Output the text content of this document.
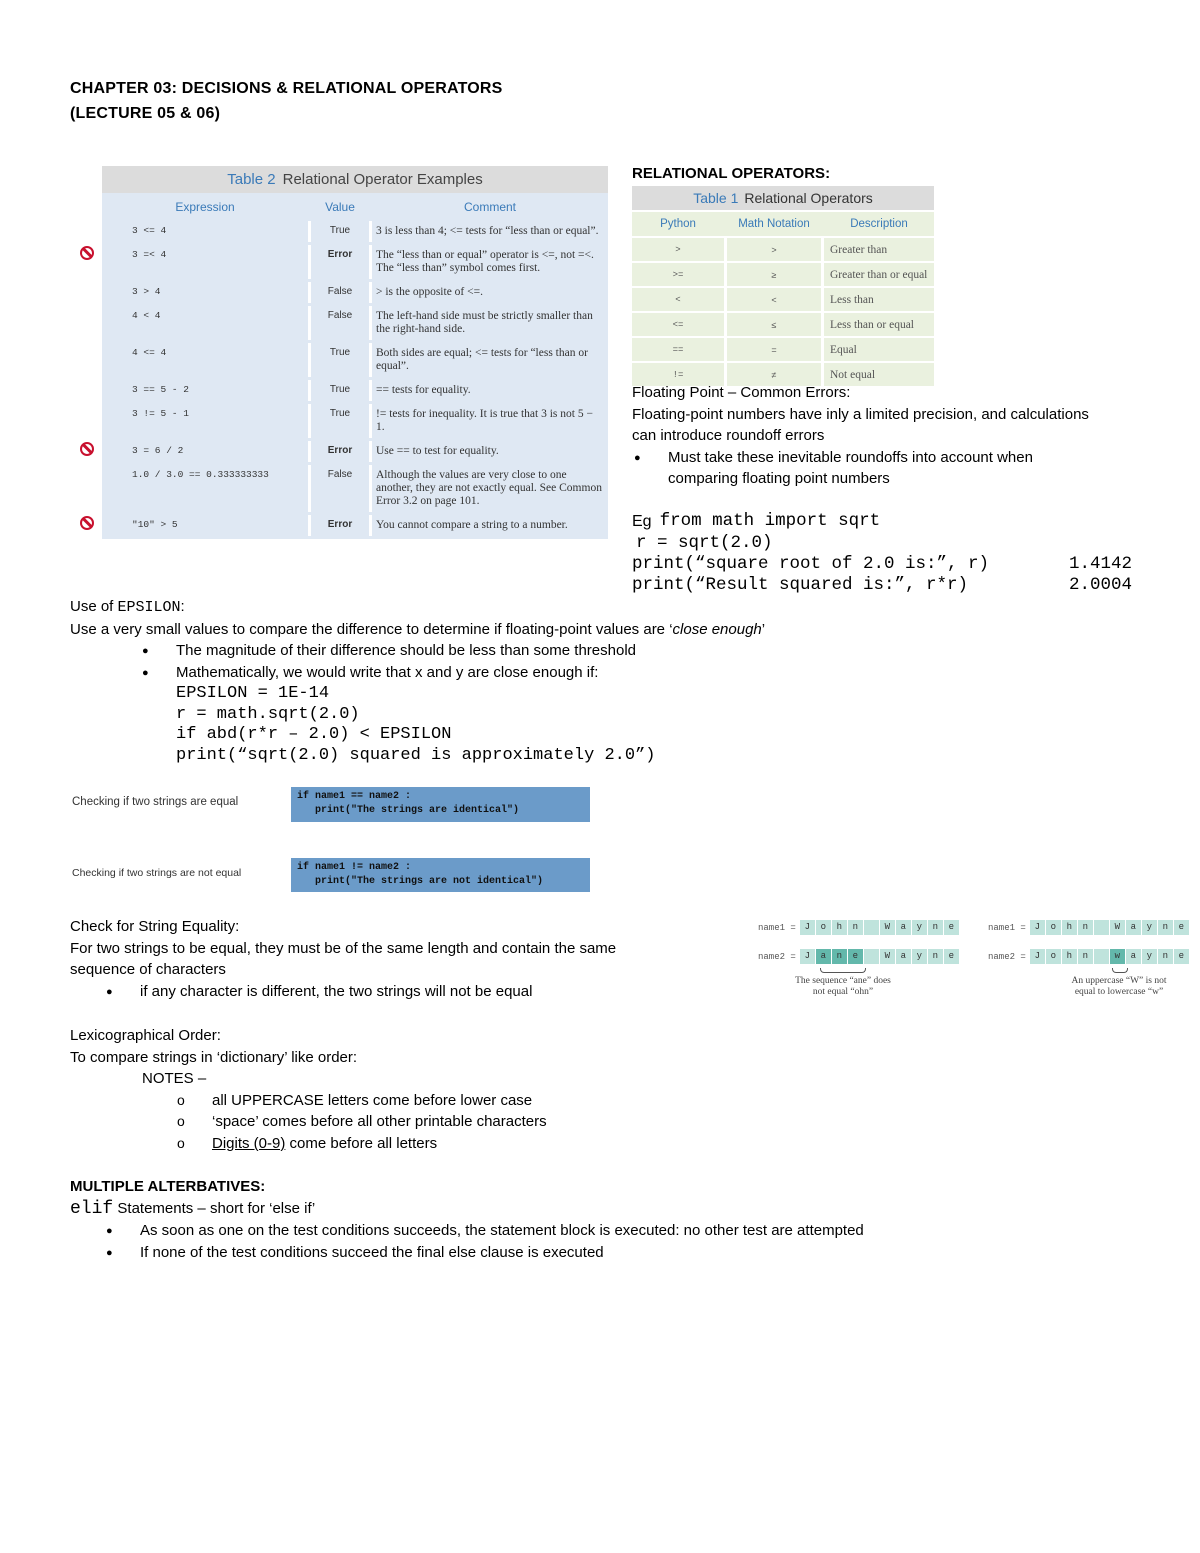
CHAPTER 03: DECISIONS & RELATIONAL OPERATORS
(LECTURE 05 & 06)
Table 2 Relational Operator Examples
Expression	Value	Comment
3 <= 4	True	3 is less than 4; <= tests for “less than or equal”.

3 =< 4	Error	The “less than or equal” operator is <=, not =<. The “less than” symbol comes first.
3 > 4	False	> is the opposite of <=.
4 < 4	False	The left-hand side must be strictly smaller than the right-hand side.
4 <= 4	True	Both sides are equal; <= tests for “less than or equal”.
3 == 5 - 2	True	== tests for equality.
3 != 5 - 1	True	!= tests for inequality. It is true that 3 is not 5 − 1.

3 = 6 / 2	Error	Use == to test for equality.
1.0 / 3.0 == 0.333333333	False	Although the values are very close to one another, they are not exactly equal. See Common Error 3.2 on page 101.

"10" > 5	Error	You cannot compare a string to a number.
RELATIONAL OPERATORS:
Table 1 Relational Operators
Python	Math Notation	Description
>	>	Greater than
>=	≥	Greater than or equal
<	<	Less than
<=	≤	Less than or equal
==	=	Equal
!=	≠	Not equal
Floating Point – Common Errors:
Floating-point numbers have inly a limited precision, and calculations
can introduce roundoff errors
● Must take these inevitable roundoffs into account when
comparing floating point numbers
Eg from math import sqrt
r = sqrt(2.0)
print(“square root of 2.0 is:”, r)	1.4142
print(“Result squared is:”, r*r)	2.0004
Use of EPSILON:
Use a very small values to compare the difference to determine if floating-point values are ‘close enough’
● The magnitude of their difference should be less than some threshold
● Mathematically, we would write that x and y are close enough if:
EPSILON = 1E-14
r = math.sqrt(2.0)
if abd(r*r – 2.0) < EPSILON
print(“sqrt(2.0) squared is approximately 2.0”)
Checking if two strings are equal	if name1 == name2 :
print("The strings are identical")
Checking if two strings are not equal	if name1 != name2 :
print("The strings are not identical")
Check for String Equality:
For two strings to be equal, they must be of the same length and contain the same
sequence of characters
● if any character is different, the two strings will not be equal
name1 = J	o	h	n	W	a	y	n	e
name2 = J	a	n	e	W	a	y	n	e
The sequence “ane” does not equal “ohn”
name1 = J	o	h	n	W	a	y	n	e
name2 = J	o	h	n	w	a	y	n	e
An uppercase “W” is not equal to lowercase “w”
Lexicographical Order:
To compare strings in ‘dictionary’ like order:
NOTES –
o all UPPERCASE letters come before lower case
o ‘space’ comes before all other printable characters
o Digits (0-9) come before all letters
MULTIPLE ALTERBATIVES:
elif Statements – short for ‘else if’
● As soon as one on the test conditions succeeds, the statement block is executed: no other test are attempted
● If none of the test conditions succeed the final else clause is executed
